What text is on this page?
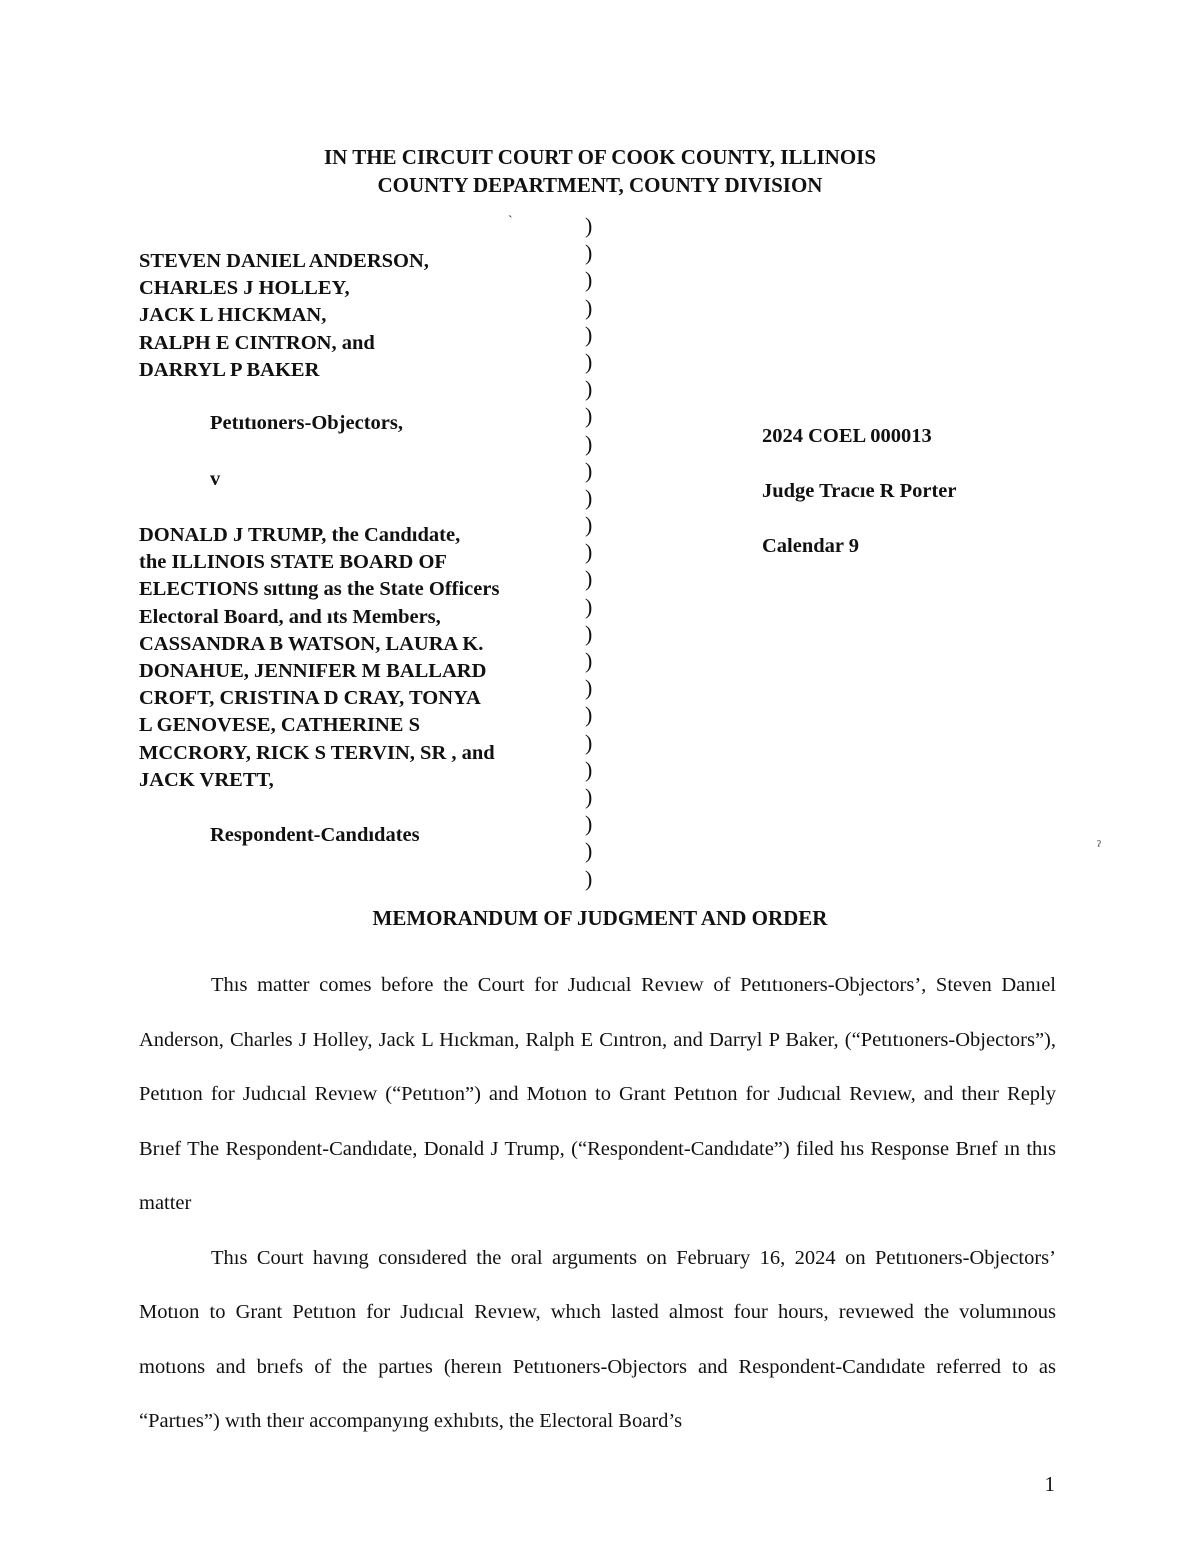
IN THE CIRCUIT COURT OF COOK COUNTY, ILLINOIS
COUNTY DEPARTMENT, COUNTY DIVISION
ˋ
STEVEN DANIEL ANDERSON,
CHARLES J HOLLEY,
JACK L HICKMAN,
RALPH E CINTRON, and
DARRYL P BAKER
Petıtıoners-Objectors,
v
DONALD J TRUMP, the Candıdate,
the ILLINOIS STATE BOARD OF
ELECTIONS sıttıng as the State Officers
Electoral Board, and ıts Members,
CASSANDRA B WATSON, LAURA K.
DONAHUE, JENNIFER M BALLARD
CROFT, CRISTINA D CRAY, TONYA
L GENOVESE, CATHERINE S
MCCRORY, RICK S TERVIN, SR , and
JACK VRETT,
Respondent-Candıdates
)
)
)
)
)
)
)
)
)
)
)
)
)
)
)
)
)
)
)
)
)
)
)
)
)
2024 COEL 000013
Judge Tracıe R Porter
Calendar 9
ˀ
MEMORANDUM OF JUDGMENT AND ORDER

Thıs matter comes before the Court for Judıcıal Revıew of Petıtıoners-Objectors’, Steven Danıel Anderson, Charles J Holley, Jack L Hıckman, Ralph E Cıntron, and Darryl P Baker, (“Petıtıoners-Objectors”), Petıtıon for Judıcıal Revıew (“Petıtıon”) and Motıon to Grant Petıtıon for Judıcıal Revıew, and theır Reply Brıef The Respondent-Candıdate, Donald J Trump, (“Respondent-Candıdate”) filed hıs Response Brıef ın thıs matter

Thıs Court havıng consıdered the oral arguments on February 16, 2024 on Petıtıoners-Objectors’ Motıon to Grant Petıtıon for Judıcıal Revıew, whıch lasted almost four hours, revıewed the volumınous motıons and brıefs of the partıes (hereın Petıtıoners-Objectors and Respondent-Candıdate referred to as “Partıes”) wıth theır accompanyıng exhıbıts, the Electoral Board’s

1
